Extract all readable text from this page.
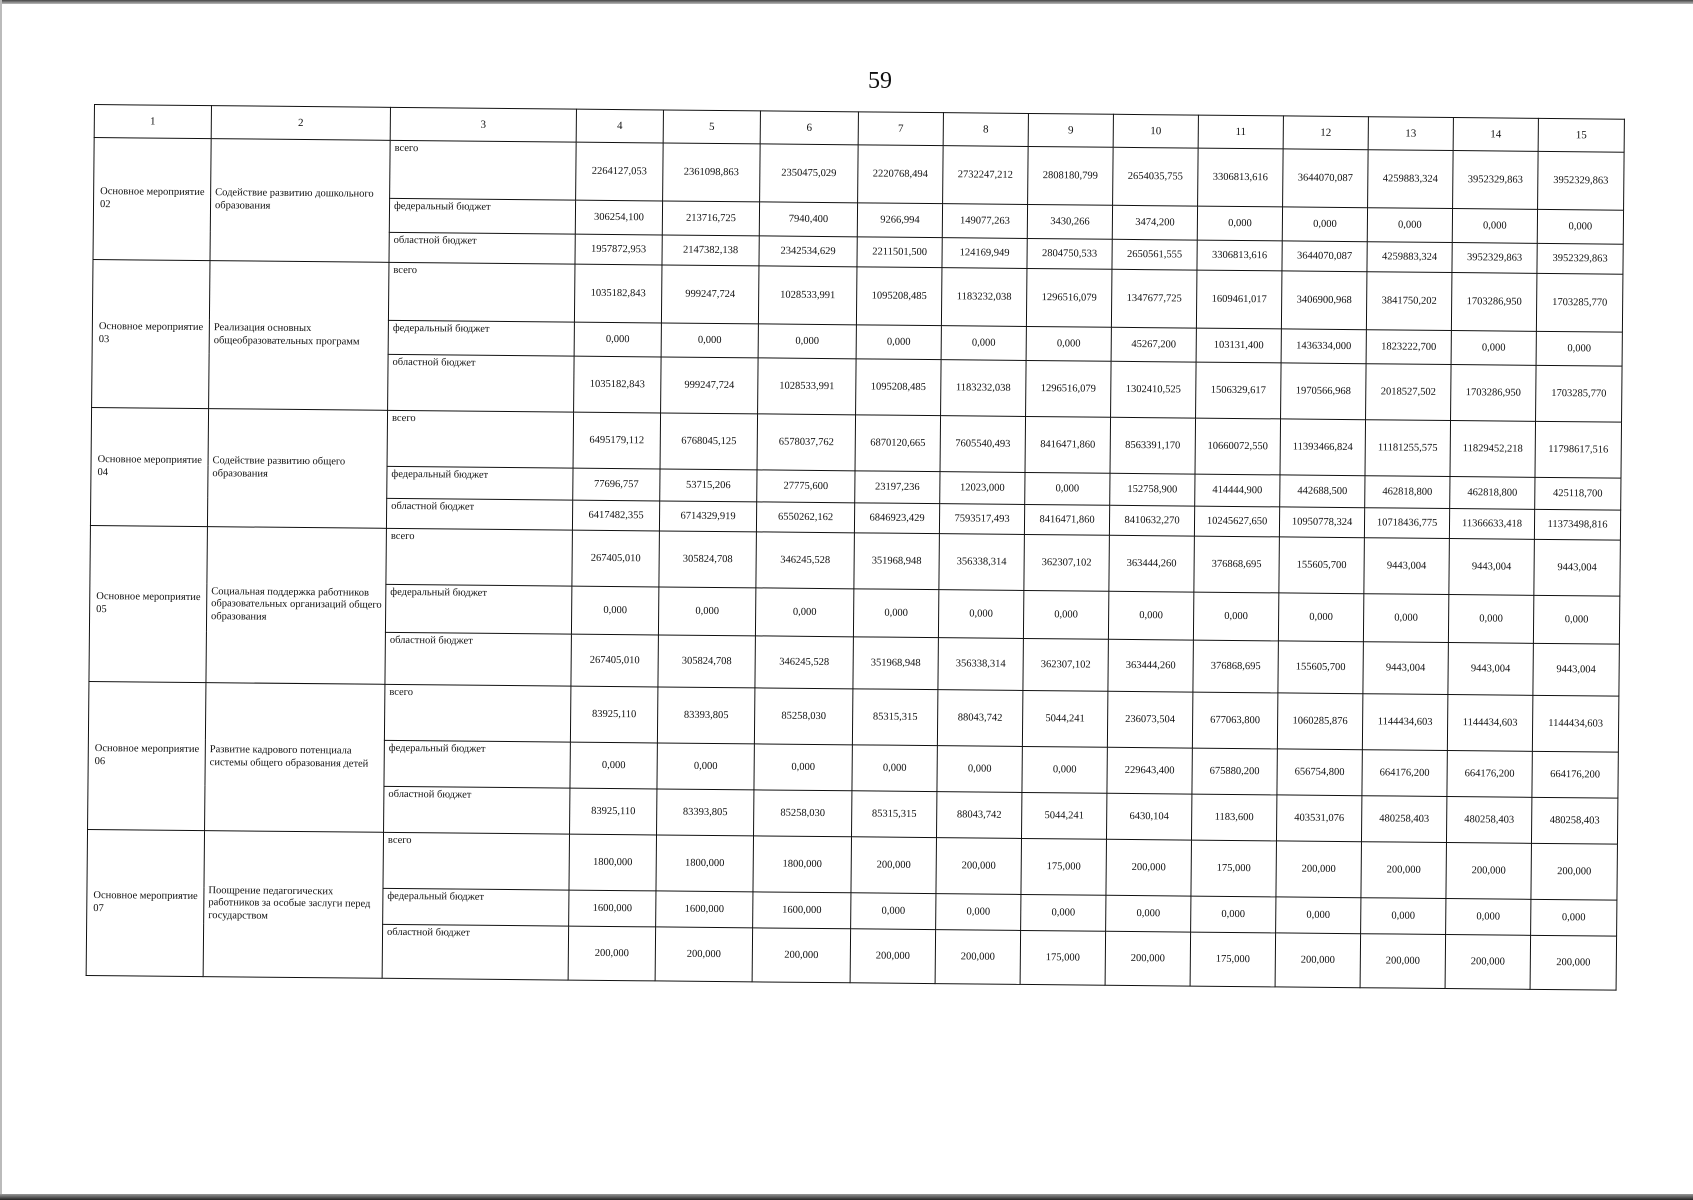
59
1	2	3	4	5	6	7	8	9	10	11	12	13	14	15
Основное мероприятие 02	Содействие развитию дошкольного образования	всего	2264127,053	2361098,863	2350475,029	2220768,494	2732247,212	2808180,799	2654035,755	3306813,616	3644070,087	4259883,324	3952329,863	3952329,863
		федеральный бюджет	306254,100	213716,725	7940,400	9266,994	149077,263	3430,266	3474,200	0,000	0,000	0,000	0,000	0,000
		областной бюджет	1957872,953	2147382,138	2342534,629	2211501,500	124169,949	2804750,533	2650561,555	3306813,616	3644070,087	4259883,324	3952329,863	3952329,863
Основное мероприятие 03	Реализация основных общеобразовательных программ	всего	1035182,843	999247,724	1028533,991	1095208,485	1183232,038	1296516,079	1347677,725	1609461,017	3406900,968	3841750,202	1703286,950	1703285,770
		федеральный бюджет	0,000	0,000	0,000	0,000	0,000	0,000	45267,200	103131,400	1436334,000	1823222,700	0,000	0,000
		областной бюджет	1035182,843	999247,724	1028533,991	1095208,485	1183232,038	1296516,079	1302410,525	1506329,617	1970566,968	2018527,502	1703286,950	1703285,770
Основное мероприятие 04	Содействие развитию общего образования	всего	6495179,112	6768045,125	6578037,762	6870120,665	7605540,493	8416471,860	8563391,170	10660072,550	11393466,824	11181255,575	11829452,218	11798617,516
		федеральный бюджет	77696,757	53715,206	27775,600	23197,236	12023,000	0,000	152758,900	414444,900	442688,500	462818,800	462818,800	425118,700
		областной бюджет	6417482,355	6714329,919	6550262,162	6846923,429	7593517,493	8416471,860	8410632,270	10245627,650	10950778,324	10718436,775	11366633,418	11373498,816
Основное мероприятие 05	Социальная поддержка работников образовательных организаций общего образования	всего	267405,010	305824,708	346245,528	351968,948	356338,314	362307,102	363444,260	376868,695	155605,700	9443,004	9443,004	9443,004
		федеральный бюджет	0,000	0,000	0,000	0,000	0,000	0,000	0,000	0,000	0,000	0,000	0,000	0,000
		областной бюджет	267405,010	305824,708	346245,528	351968,948	356338,314	362307,102	363444,260	376868,695	155605,700	9443,004	9443,004	9443,004
Основное мероприятие 06	Развитие кадрового потенциала системы общего образования детей	всего	83925,110	83393,805	85258,030	85315,315	88043,742	5044,241	236073,504	677063,800	1060285,876	1144434,603	1144434,603	1144434,603
		федеральный бюджет	0,000	0,000	0,000	0,000	0,000	0,000	229643,400	675880,200	656754,800	664176,200	664176,200	664176,200
		областной бюджет	83925,110	83393,805	85258,030	85315,315	88043,742	5044,241	6430,104	1183,600	403531,076	480258,403	480258,403	480258,403
Основное мероприятие 07	Поощрение педагогических работников за особые заслуги перед государством	всего	1800,000	1800,000	1800,000	200,000	200,000	175,000	200,000	175,000	200,000	200,000	200,000	200,000
		федеральный бюджет	1600,000	1600,000	1600,000	0,000	0,000	0,000	0,000	0,000	0,000	0,000	0,000	0,000
		областной бюджет	200,000	200,000	200,000	200,000	200,000	175,000	200,000	175,000	200,000	200,000	200,000	200,000
